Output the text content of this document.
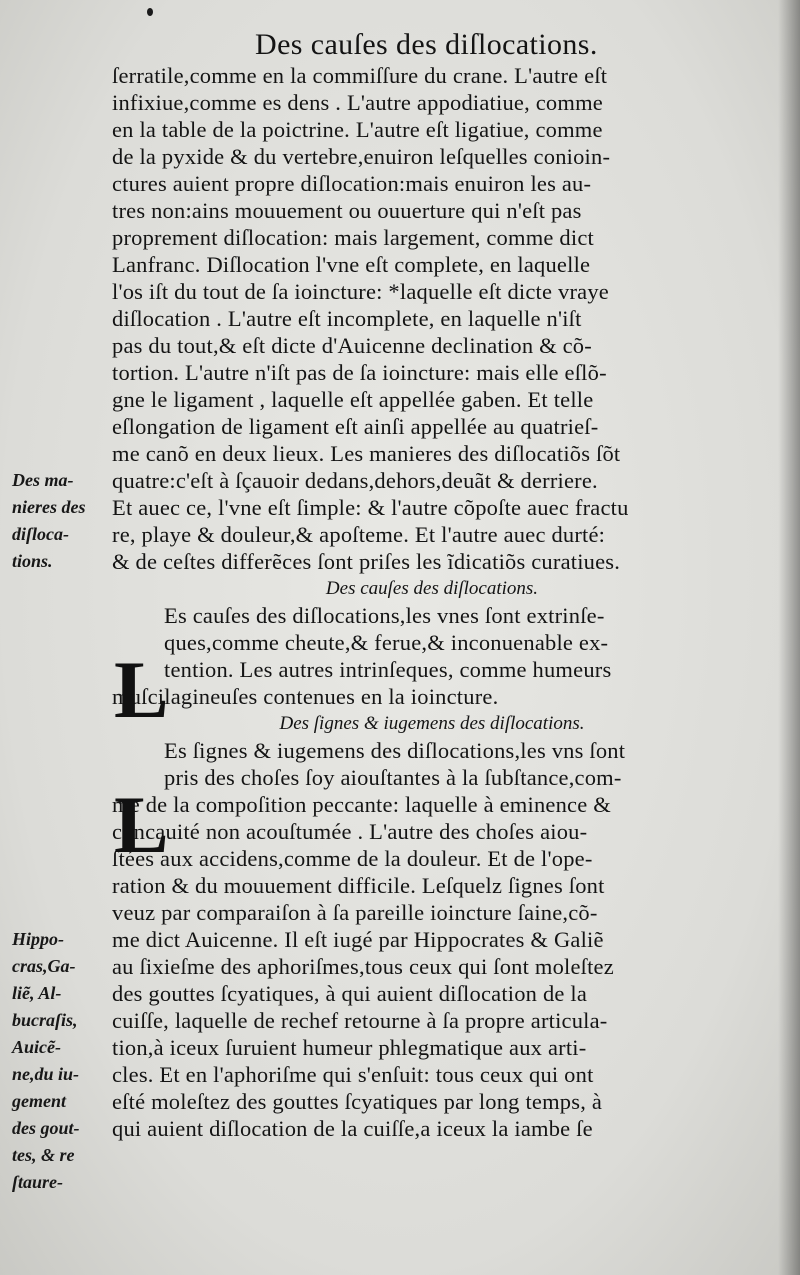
Des cauſes des diſlocations.
ſerratile,comme en la commiſſure du crane. L'autre eſt
infixiue,comme es dens . L'autre appodiatiue, comme
en la table de la poictrine. L'autre eſt ligatiue, comme
de la pyxide & du vertebre,enuiron leſquelles conioin-
ctures auient propre diſlocation:mais enuiron les au-
tres non:ains mouuement ou ouuerture qui n'eſt pas
proprement diſlocation: mais largement, comme dict
Lanfranc. Diſlocation l'vne eſt complete, en laquelle
l'os iſt du tout de ſa ioincture: *laquelle eſt dicte vraye
diſlocation . L'autre eſt incomplete, en laquelle n'iſt
pas du tout,& eſt dicte d'Auicenne declination & cõ-
tortion. L'autre n'iſt pas de ſa ioincture: mais elle eſlõ-
gne le ligament , laquelle eſt appellée gaben. Et telle
eſlongation de ligament eſt ainſi appellée au quatrieſ-
me canõ en deux lieux. Les manieres des diſlocatiõs ſõt
quatre:c'eſt à ſçauoir dedans,dehors,deuãt & derriere.
Et auec ce, l'vne eſt ſimple: & l'autre cõpoſte auec fractu
re, playe & douleur,& apoſteme. Et l'autre auec durté:
& de ceſtes differẽces ſont priſes les ĩdicatiõs curatiues.
Des cauſes des diſlocations.
Es cauſes des diſlocations,les vnes ſont extrinſe-
ques,comme cheute,& ferue,& inconuenable ex-
tention. Les autres intrinſeques, comme humeurs
muſcilagineuſes contenues en la ioincture.
Des ſignes & iugemens des diſlocations.
Es ſignes & iugemens des diſlocations,les vns ſont
pris des choſes ſoy aiouſtantes à la ſubſtance,com-
me de la compoſition peccante: laquelle à eminence &
concauité non acouſtumée . L'autre des choſes aiou-
ſtées aux accidens,comme de la douleur. Et de l'ope-
ration & du mouuement difficile. Leſquelz ſignes ſont
veuz par comparaiſon à ſa pareille ioincture ſaine,cõ-
me dict Auicenne. Il eſt iugé par Hippocrates & Galiẽ
au ſixieſme des aphoriſmes,tous ceux qui ſont moleſtez
des gouttes ſcyatiques, à qui auient diſlocation de la
cuiſſe, laquelle de rechef retourne à ſa propre articula-
tion,à iceux ſuruient humeur phlegmatique aux arti-
cles. Et en l'aphoriſme qui s'enſuit: tous ceux qui ont
eſté moleſtez des gouttes ſcyatiques par long temps, à
qui auient diſlocation de la cuiſſe,a iceux la iambe ſe
L
L
Des ma-
nieres des
diſloca-
tions.
Hippo-
cras,Ga-
liẽ, Al-
bucraſis,
Auicẽ-
ne,du iu-
gement
des gout-
tes, & re
ſtaure-
